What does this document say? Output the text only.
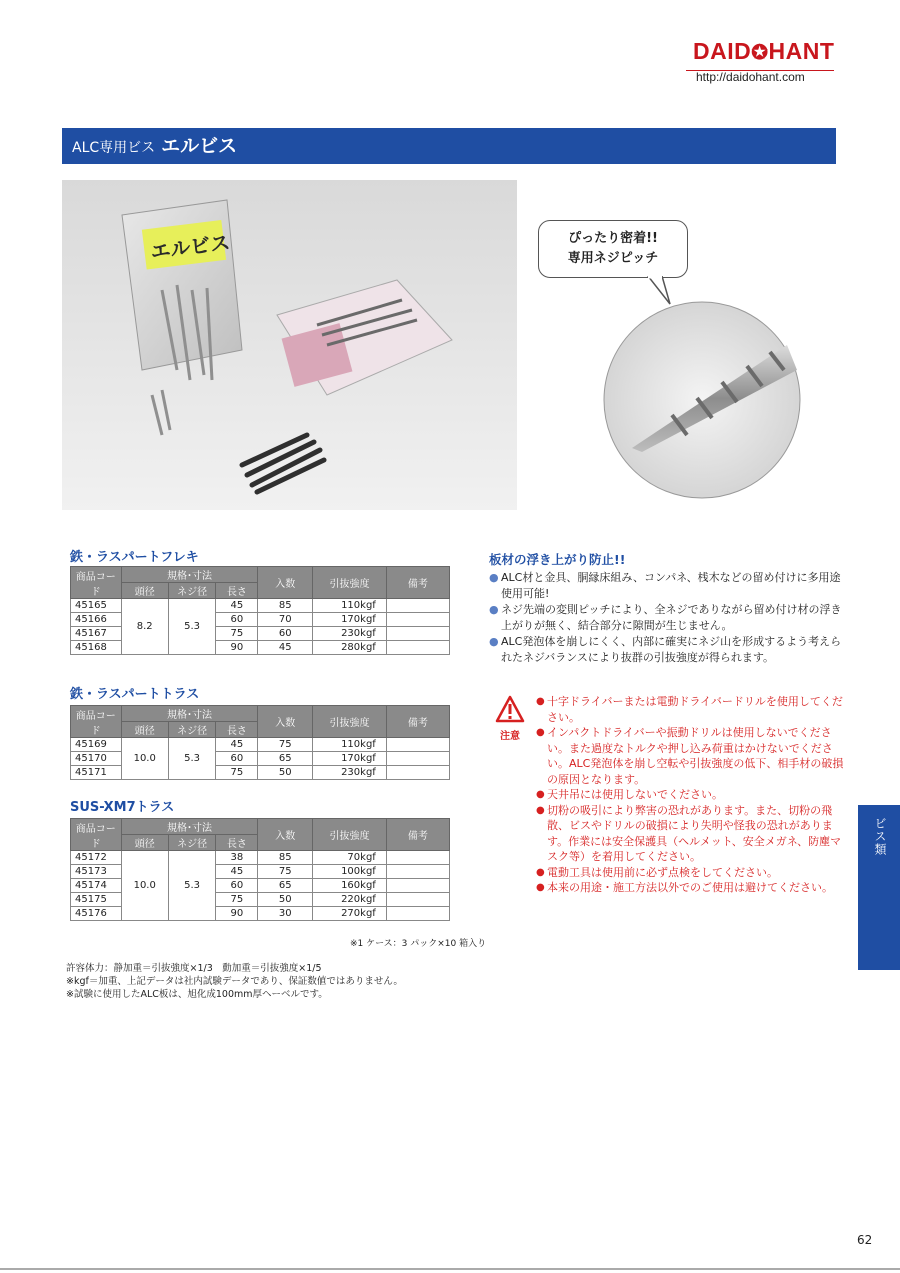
DAID✪HANT
http://daidohant.com
ALC専用ビス エルビス
エルビス	ぴったり密着!!
専用ネジピッチ
鉄・ラスパートフレキ
商品コード	規格･寸法			入数	引抜強度	備考
	頭径	ネジ径	長さ			
45165	8.2	5.3	45	85	110kgf	
45166			60	70	170kgf	
45167			75	60	230kgf	
45168			90	45	280kgf	
鉄・ラスパートトラス
商品コード	規格･寸法			入数	引抜強度	備考
	頭径	ネジ径	長さ			
45169	10.0	5.3	45	75	110kgf	
45170			60	65	170kgf	
45171			75	50	230kgf	
SUS-XM7トラス
商品コード	規格･寸法			入数	引抜強度	備考
	頭径	ネジ径	長さ			
45172	10.0	5.3	38	85	70kgf	
45173			45	75	100kgf	
45174			60	65	160kgf	
45175			75	50	220kgf	
45176			90	30	270kgf	
※1 ケース：3 パック×10 箱入り
許容体力：静加重＝引抜強度×1/3　動加重＝引抜強度×1/5
※kgf＝加重、上記データは社内試験データであり、保証数値ではありません。
※試験に使用したALC板は、旭化成100mm厚ヘーベルです。
板材の浮き上がり防止!!
● ALC材と金具、胴縁床組み、コンパネ、桟木などの留め付けに多用途使用可能!
● ネジ先端の変則ピッチにより、全ネジでありながら留め付け材の浮き上がりが無く、結合部分に隙間が生じません。
● ALC発泡体を崩しにくく、内部に確実にネジ山を形成するよう考えられたネジバランスにより抜群の引抜強度が得られます。
注意
● 十字ドライバーまたは電動ドライバードリルを使用してください。
● インパクトドライバーや振動ドリルは使用しないでください。また過度なトルクや押し込み荷重はかけないでください。ALC発泡体を崩し空転や引抜強度の低下、相手材の破損の原因となります。
● 天井吊には使用しないでください。
● 切粉の吸引により弊害の恐れがあります。また、切粉の飛散、ビスやドリルの破損により失明や怪我の恐れがあります。作業には安全保護具（ヘルメット、安全メガネ、防塵マスク等）を着用してください。
● 電動工具は使用前に必ず点検をしてください。
● 本来の用途・施工方法以外でのご使用は避けてください。
ビス類
62
